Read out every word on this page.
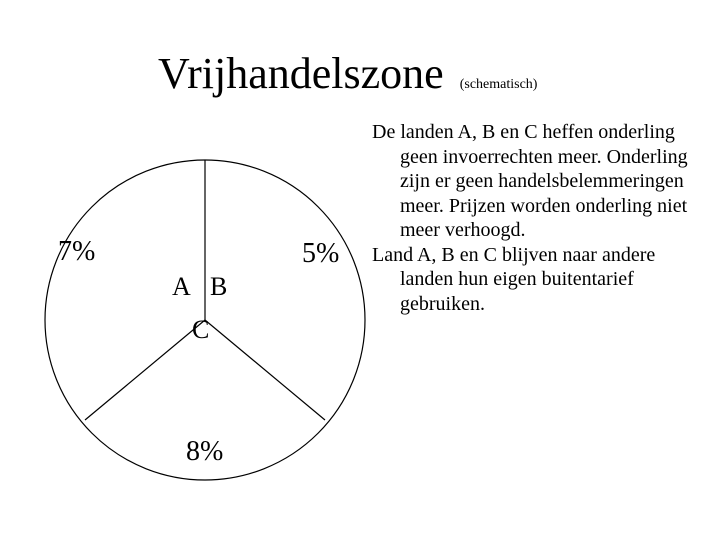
Vrijhandelszone (schematisch)
7%	5%
8%
A B
C

De landen A, B en C heffen onderling geen invoerrechten meer. Onderling zijn er geen handelsbelemmeringen meer. Prijzen worden onderling niet meer verhoogd.

Land A, B en C blijven naar andere landen hun eigen buitentarief gebruiken.
